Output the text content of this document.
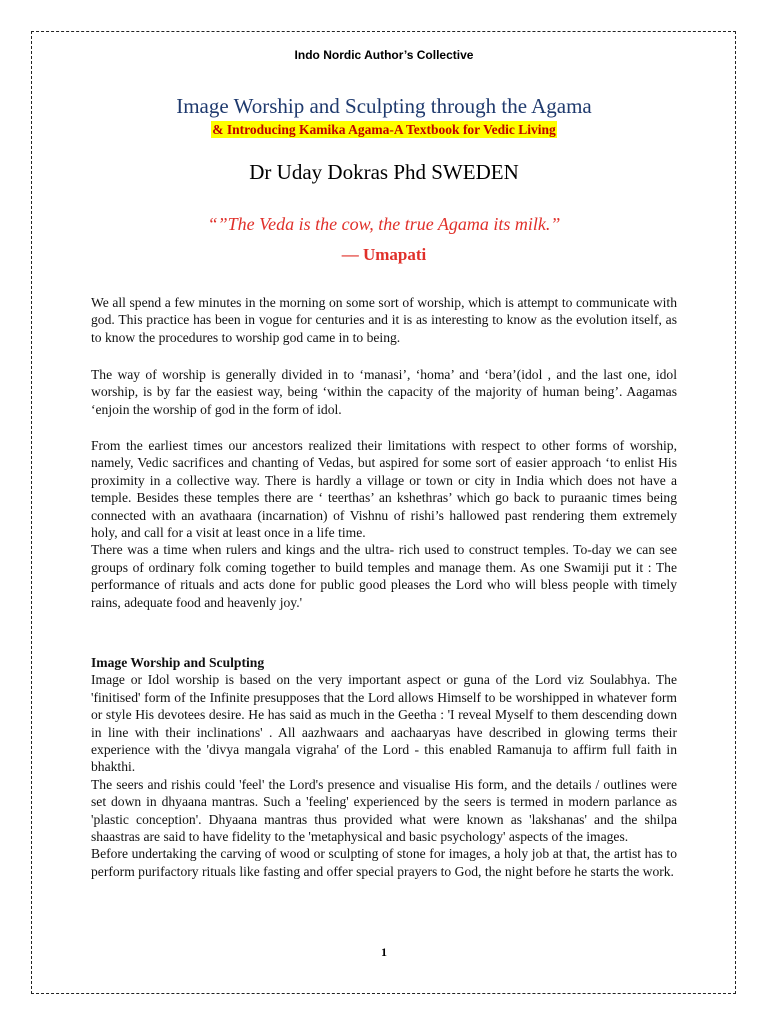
Indo Nordic Author’s Collective
Image Worship and Sculpting through the Agama
& Introducing Kamika Agama-A Textbook for Vedic Living
Dr Uday Dokras Phd SWEDEN
“”The Veda is the cow, the true Agama its milk.”
— Umapati

We all spend a few minutes in the morning on some sort of worship, which is attempt to communicate with god. This practice has been in vogue for centuries and it is as interesting to know as the evolution itself, as to know the procedures to worship god came in to being.

The way of worship is generally divided in to ‘manasi’, ‘homa’ and ‘bera’(idol , and the last one, idol worship, is by far the easiest way, being ‘within the capacity of the majority of human being’. Aagamas ‘enjoin the worship of god in the form of idol.

From the earliest times our ancestors realized their limitations with respect to other forms of worship, namely, Vedic sacrifices and chanting of Vedas, but aspired for some sort of easier approach ‘to enlist His proximity in a collective way. There is hardly a village or town or city in India which does not have a temple. Besides these temples there are ‘ teerthas’ an kshethras’ which go back to puraanic times being connected with an avathaara (incarnation) of Vishnu of rishi’s hallowed past rendering them extremely holy, and call for a visit at least once in a life time.

There was a time when rulers and kings and the ultra- rich used to construct temples. To-day we can see groups of ordinary folk coming together to build temples and manage them. As one Swamiji put it : The performance of rituals and acts done for public good pleases the Lord who will bless people with timely rains, adequate food and heavenly joy.'

Image Worship and Sculpting

Image or Idol worship is based on the very important aspect or guna of the Lord viz Soulabhya. The 'finitised' form of the Infinite presupposes that the Lord allows Himself to be worshipped in whatever form or style His devotees desire. He has said as much in the Geetha : 'I reveal Myself to them descending down in line with their inclinations' . All aazhwaars and aachaaryas have described in glowing terms their experience with the 'divya mangala vigraha' of the Lord - this enabled Ramanuja to affirm full faith in bhakthi.

The seers and rishis could 'feel' the Lord's presence and visualise His form, and the details / outlines were set down in dhyaana mantras. Such a 'feeling' experienced by the seers is termed in modern parlance as 'plastic conception'. Dhyaana mantras thus provided what were known as 'lakshanas' and the shilpa shaastras are said to have fidelity to the 'metaphysical and basic psychology' aspects of the images.

Before undertaking the carving of wood or sculpting of stone for images, a holy job at that, the artist has to perform purifactory rituals like fasting and offer special prayers to God, the night before he starts the work.

1
